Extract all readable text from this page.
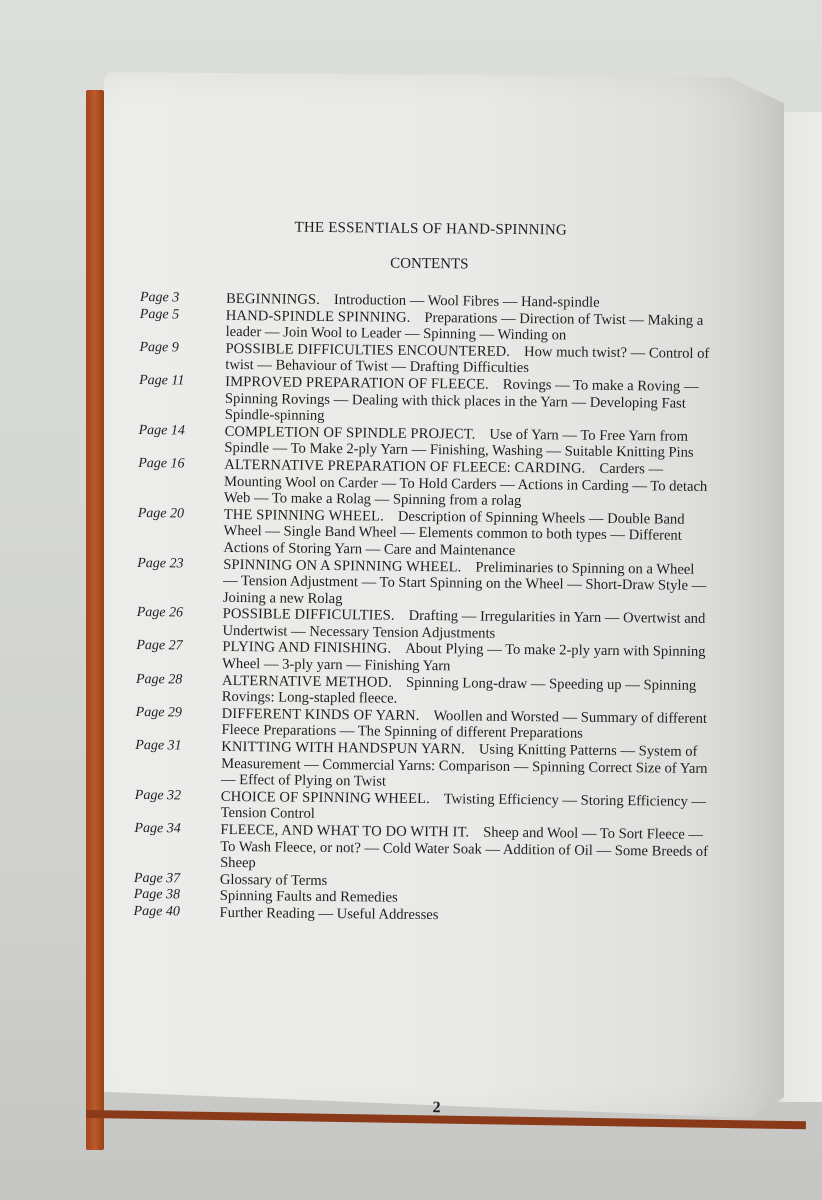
THE ESSENTIALS OF HAND-SPINNING
CONTENTS
Page 3	BEGINNINGS. Introduction — Wool Fibres — Hand-spindle
Page 5	HAND-SPINDLE SPINNING. Preparations — Direction of Twist — Making a leader — Join Wool to Leader — Spinning — Winding on
Page 9	POSSIBLE DIFFICULTIES ENCOUNTERED. How much twist? — Control of twist — Behaviour of Twist — Drafting Difficulties
Page 11	IMPROVED PREPARATION OF FLEECE. Rovings — To make a Roving — Spinning Rovings — Dealing with thick places in the Yarn — Developing Fast Spindle-spinning
Page 14	COMPLETION OF SPINDLE PROJECT. Use of Yarn — To Free Yarn from Spindle — To Make 2-ply Yarn — Finishing, Washing — Suitable Knitting Pins
Page 16	ALTERNATIVE PREPARATION OF FLEECE: CARDING. Carders — Mounting Wool on Carder — To Hold Carders — Actions in Carding — To detach Web — To make a Rolag — Spinning from a rolag
Page 20	THE SPINNING WHEEL. Description of Spinning Wheels — Double Band Wheel — Single Band Wheel — Elements common to both types — Different Actions of Storing Yarn — Care and Maintenance
Page 23	SPINNING ON A SPINNING WHEEL. Preliminaries to Spinning on a Wheel — Tension Adjustment — To Start Spinning on the Wheel — Short-Draw Style — Joining a new Rolag
Page 26	POSSIBLE DIFFICULTIES. Drafting — Irregularities in Yarn — Overtwist and Undertwist — Necessary Tension Adjustments
Page 27	PLYING AND FINISHING. About Plying — To make 2-ply yarn with Spinning Wheel — 3-ply yarn — Finishing Yarn
Page 28	ALTERNATIVE METHOD. Spinning Long-draw — Speeding up — Spinning Rovings: Long-stapled fleece.
Page 29	DIFFERENT KINDS OF YARN. Woollen and Worsted — Summary of different Fleece Preparations — The Spinning of different Preparations
Page 31	KNITTING WITH HANDSPUN YARN. Using Knitting Patterns — System of Measurement — Commercial Yarns: Comparison — Spinning Correct Size of Yarn — Effect of Plying on Twist
Page 32	CHOICE OF SPINNING WHEEL. Twisting Efficiency — Storing Efficiency — Tension Control
Page 34	FLEECE, AND WHAT TO DO WITH IT. Sheep and Wool — To Sort Fleece — To Wash Fleece, or not? — Cold Water Soak — Addition of Oil — Some Breeds of Sheep
Page 37	Glossary of Terms
Page 38	Spinning Faults and Remedies
Page 40	Further Reading — Useful Addresses
2
